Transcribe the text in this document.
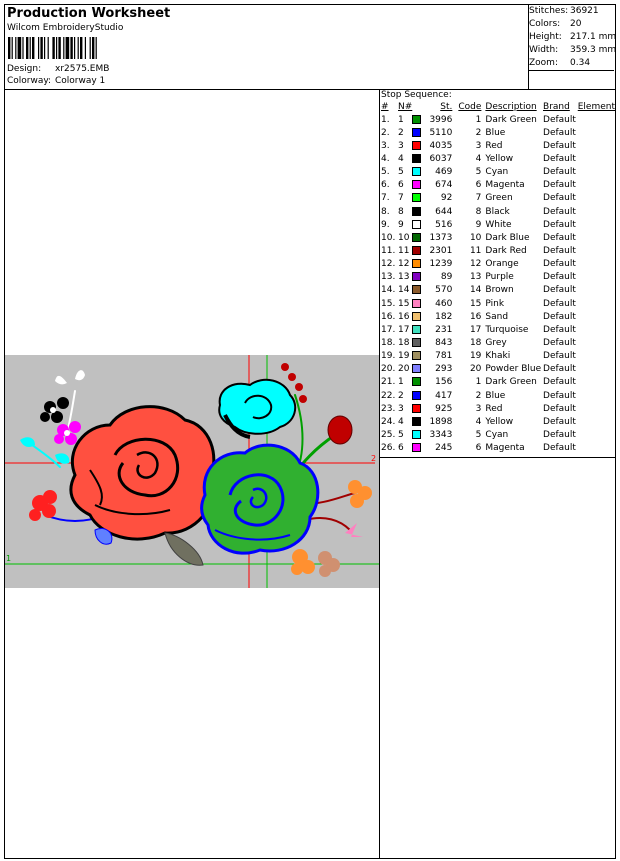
Production Worksheet
Wilcom EmbroideryStudio
Design: xr2575.EMB
Colorway: Colorway 1
Stitches: 36921
Colors: 20
Height: 217.1 mm
Width: 359.3 mm
Zoom: 0.34
2
1
Stop Sequence:
#	N#		St.	Code	Description	Brand	Element
1.	1		3996	1	Dark Green	Default	
2.	2		5110	2	Blue	Default	
3.	3		4035	3	Red	Default	
4.	4		6037	4	Yellow	Default	
5.	5		469	5	Cyan	Default	
6.	6		674	6	Magenta	Default	
7.	7		92	7	Green	Default	
8.	8		644	8	Black	Default	
9.	9		516	9	White	Default	
10.	10		1373	10	Dark Blue	Default	
11.	11		2301	11	Dark Red	Default	
12.	12		1239	12	Orange	Default	
13.	13		89	13	Purple	Default	
14.	14		570	14	Brown	Default	
15.	15		460	15	Pink	Default	
16.	16		182	16	Sand	Default	
17.	17		231	17	Turquoise	Default	
18.	18		843	18	Grey	Default	
19.	19		781	19	Khaki	Default	
20.	20		293	20	Powder Blue	Default	
21.	1		156	1	Dark Green	Default	
22.	2		417	2	Blue	Default	
23.	3		925	3	Red	Default	
24.	4		1898	4	Yellow	Default	
25.	5		3343	5	Cyan	Default	
26.	6		245	6	Magenta	Default	
